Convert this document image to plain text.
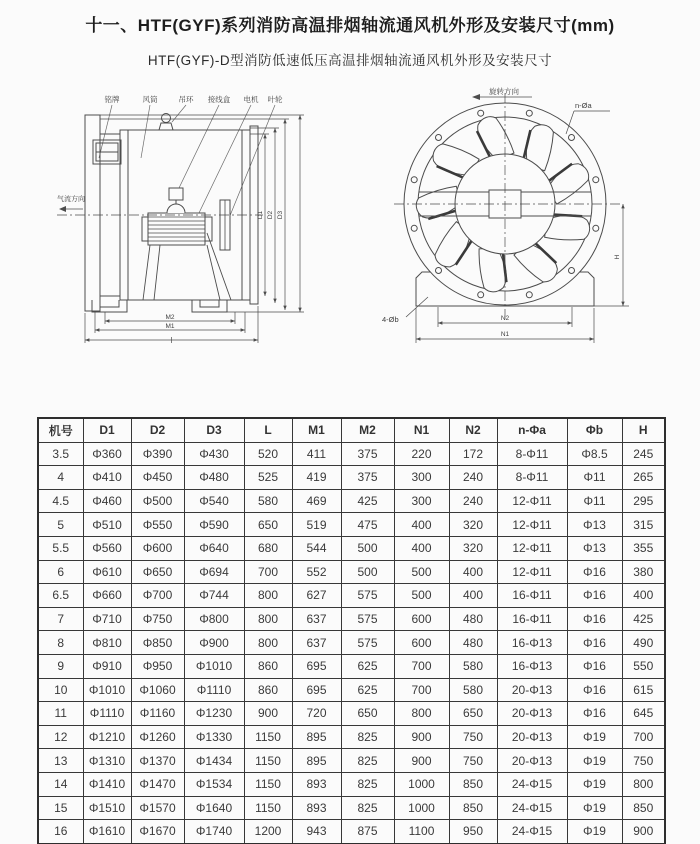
十一、HTF(GYF)系列消防高温排烟轴流通风机外形及安装尺寸(mm)
HTF(GYF)-D型消防低速低压高温排烟轴流通风机外形及安装尺寸
铭牌	风筒	吊环 接线盒 电机 叶轮
气流方向
M2
M1
D1 D2 D3
旋转方向
n-Øa
4-Øb
H
N2
N1
机号	D1	D2	D3	L	M1	M2	N1	N2	n-Φa	Φb	H
3.5	Φ360	Φ390	Φ430	520	411	375	220	172	8-Φ11	Φ8.5	245
4	Φ410	Φ450	Φ480	525	419	375	300	240	8-Φ11	Φ11	265
4.5	Φ460	Φ500	Φ540	580	469	425	300	240	12-Φ11	Φ11	295
5	Φ510	Φ550	Φ590	650	519	475	400	320	12-Φ11	Φ13	315
5.5	Φ560	Φ600	Φ640	680	544	500	400	320	12-Φ11	Φ13	355
6	Φ610	Φ650	Φ694	700	552	500	500	400	12-Φ11	Φ16	380
6.5	Φ660	Φ700	Φ744	800	627	575	500	400	16-Φ11	Φ16	400
7	Φ710	Φ750	Φ800	800	637	575	600	480	16-Φ11	Φ16	425
8	Φ810	Φ850	Φ900	800	637	575	600	480	16-Φ13	Φ16	490
9	Φ910	Φ950	Φ1010	860	695	625	700	580	16-Φ13	Φ16	550
10	Φ1010	Φ1060	Φ1110	860	695	625	700	580	20-Φ13	Φ16	615
11	Φ1110	Φ1160	Φ1230	900	720	650	800	650	20-Φ13	Φ16	645
12	Φ1210	Φ1260	Φ1330	1150	895	825	900	750	20-Φ13	Φ19	700
13	Φ1310	Φ1370	Φ1434	1150	895	825	900	750	20-Φ13	Φ19	750
14	Φ1410	Φ1470	Φ1534	1150	893	825	1000	850	24-Φ15	Φ19	800
15	Φ1510	Φ1570	Φ1640	1150	893	825	1000	850	24-Φ15	Φ19	850
16	Φ1610	Φ1670	Φ1740	1200	943	875	1100	950	24-Φ15	Φ19	900
